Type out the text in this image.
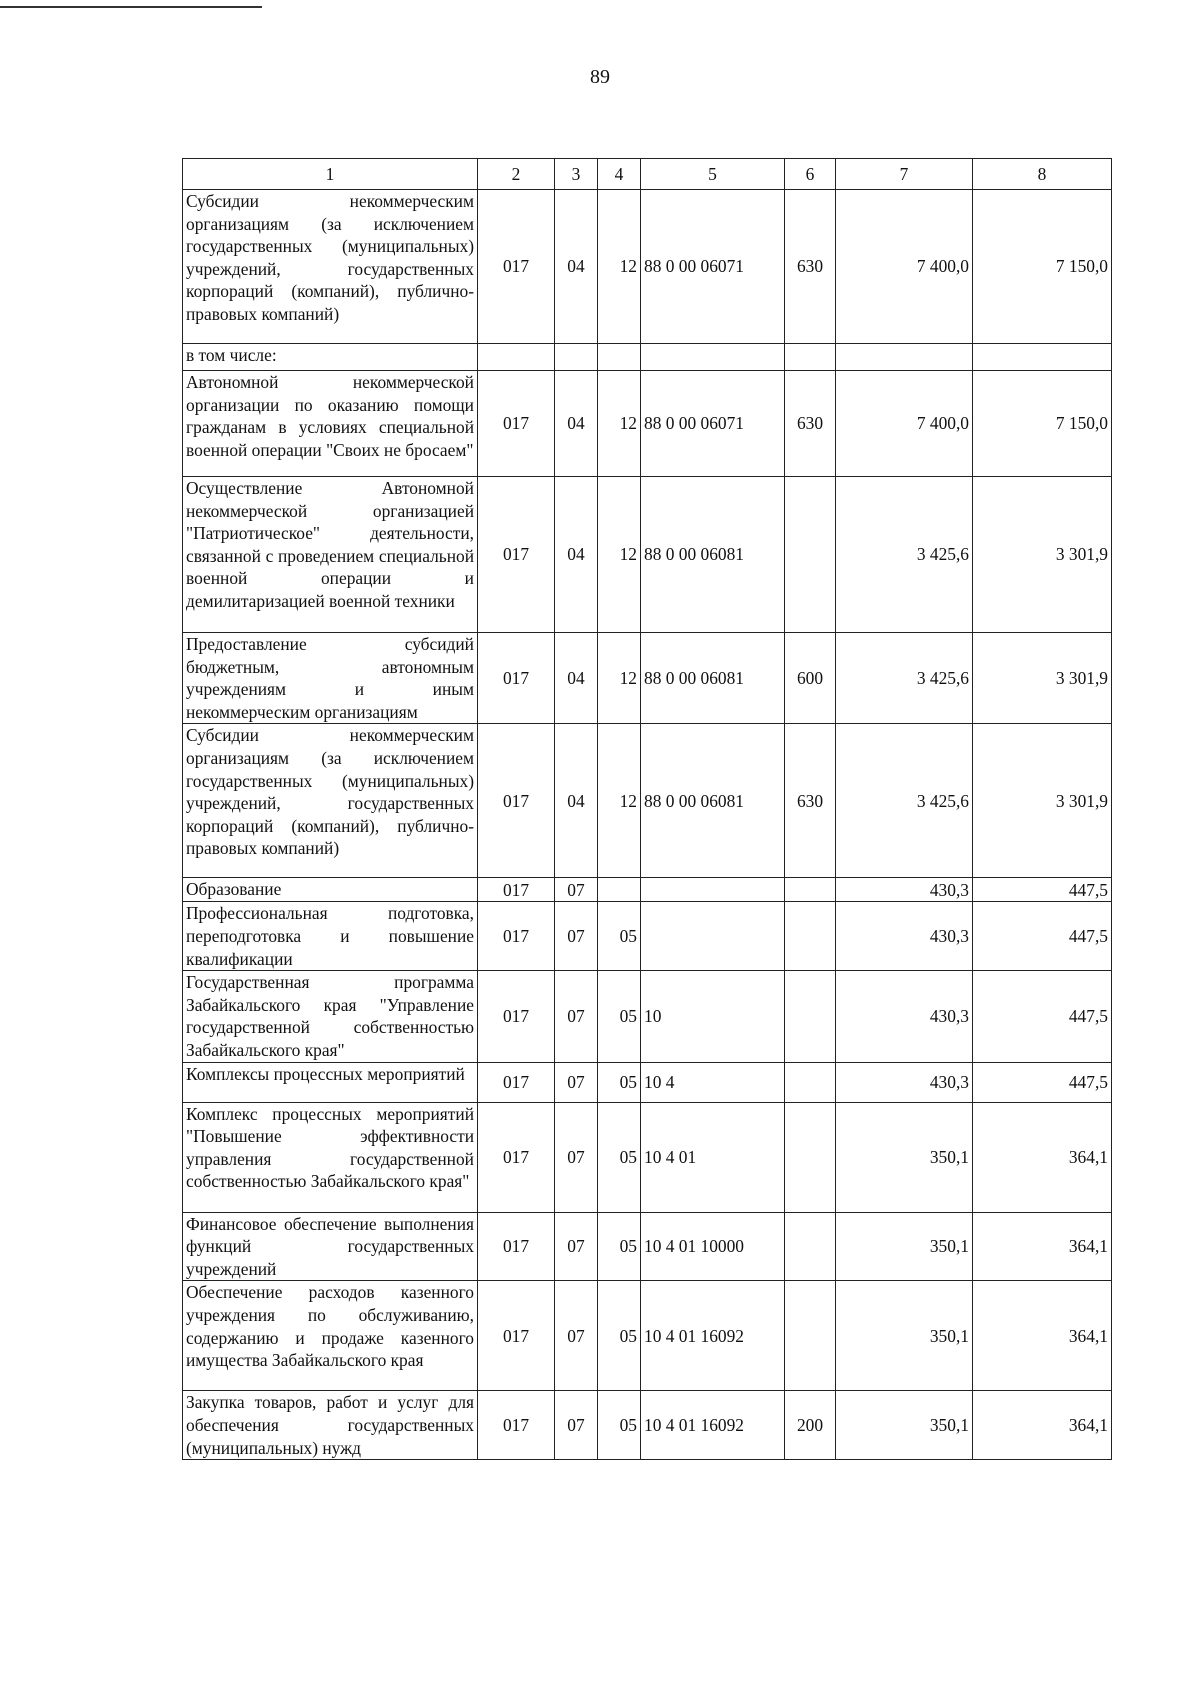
89
1	2	3	4	5	6	7	8
Субсидии некоммерческим организациям (за исключением государственных (муниципальных) учреждений, государственных корпораций (компаний), публично-правовых компаний)	017	04	12	88 0 00 06071	630	7 400,0	7 150,0
в том числе:							
Автономной некоммерческой организации по оказанию помощи гражданам в условиях специальной военной операции "Своих не бросаем"	017	04	12	88 0 00 06071	630	7 400,0	7 150,0
Осуществление Автономной некоммерческой организацией "Патриотическое" деятельности, связанной с проведением специальной военной операции и демилитаризацией военной техники	017	04	12	88 0 00 06081		3 425,6	3 301,9
Предоставление субсидий бюджетным, автономным учреждениям и иным некоммерческим организациям	017	04	12	88 0 00 06081	600	3 425,6	3 301,9
Субсидии некоммерческим организациям (за исключением государственных (муниципальных) учреждений, государственных корпораций (компаний), публично-правовых компаний)	017	04	12	88 0 00 06081	630	3 425,6	3 301,9
Образование	017	07				430,3	447,5
Профессиональная подготовка, переподготовка и повышение квалификации	017	07	05			430,3	447,5
Государственная программа Забайкальского края "Управление государственной собственностью Забайкальского края"	017	07	05	10		430,3	447,5
Комплексы процессных мероприятий	017	07	05	10 4		430,3	447,5
Комплекс процессных мероприятий "Повышение эффективности управления государственной собственностью Забайкальского края"	017	07	05	10 4 01		350,1	364,1
Финансовое обеспечение выполнения функций государственных учреждений	017	07	05	10 4 01 10000		350,1	364,1
Обеспечение расходов казенного учреждения по обслуживанию, содержанию и продаже казенного имущества Забайкальского края	017	07	05	10 4 01 16092		350,1	364,1
Закупка товаров, работ и услуг для обеспечения государственных (муниципальных) нужд	017	07	05	10 4 01 16092	200	350,1	364,1
